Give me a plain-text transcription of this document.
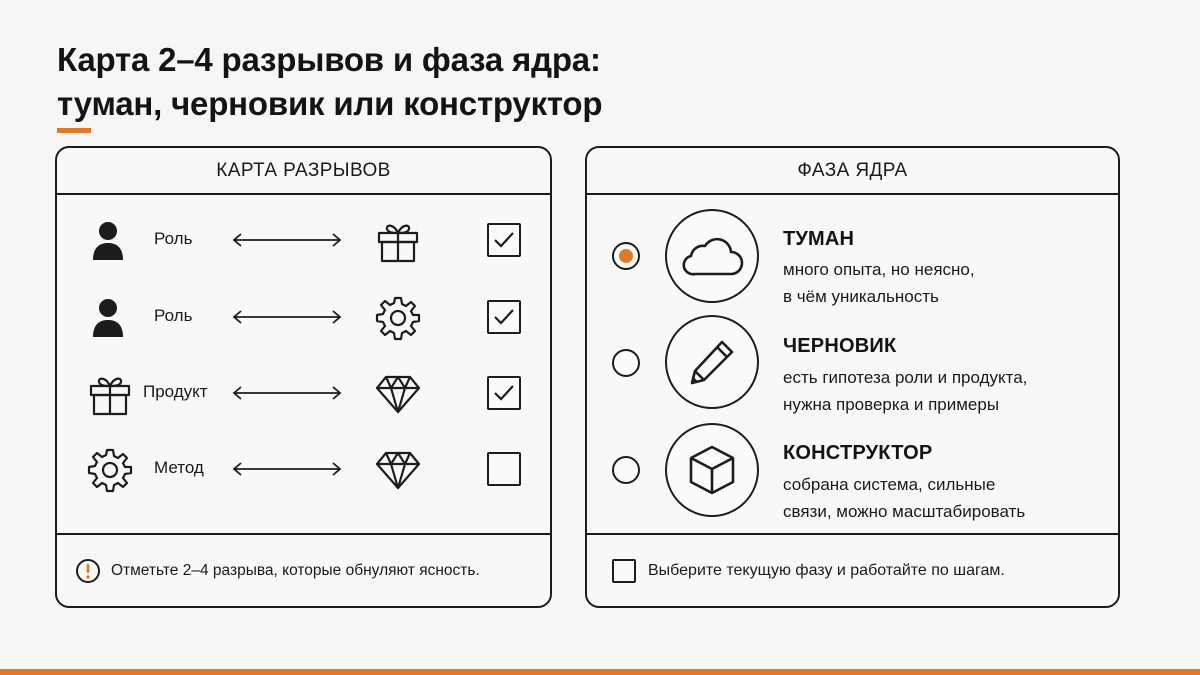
Карта 2–4 разрывов и фаза ядра:
туман, черновик или конструктор
КАРТА РАЗРЫВОВ	ФАЗА ЯДРА
ТУМАН
много опыта, но неясно,
в чём уникальность
ЧЕРНОВИК
есть гипотеза роли и продукта,
нужна проверка и примеры
КОНСТРУКТОР
собрана система, сильные
связи, можно масштабировать
Выберите текущую фазу и работайте по шагам.
Роль
Роль
Продукт
Метод
Отметьте 2–4 разрыва, которые обнуляют ясность.
